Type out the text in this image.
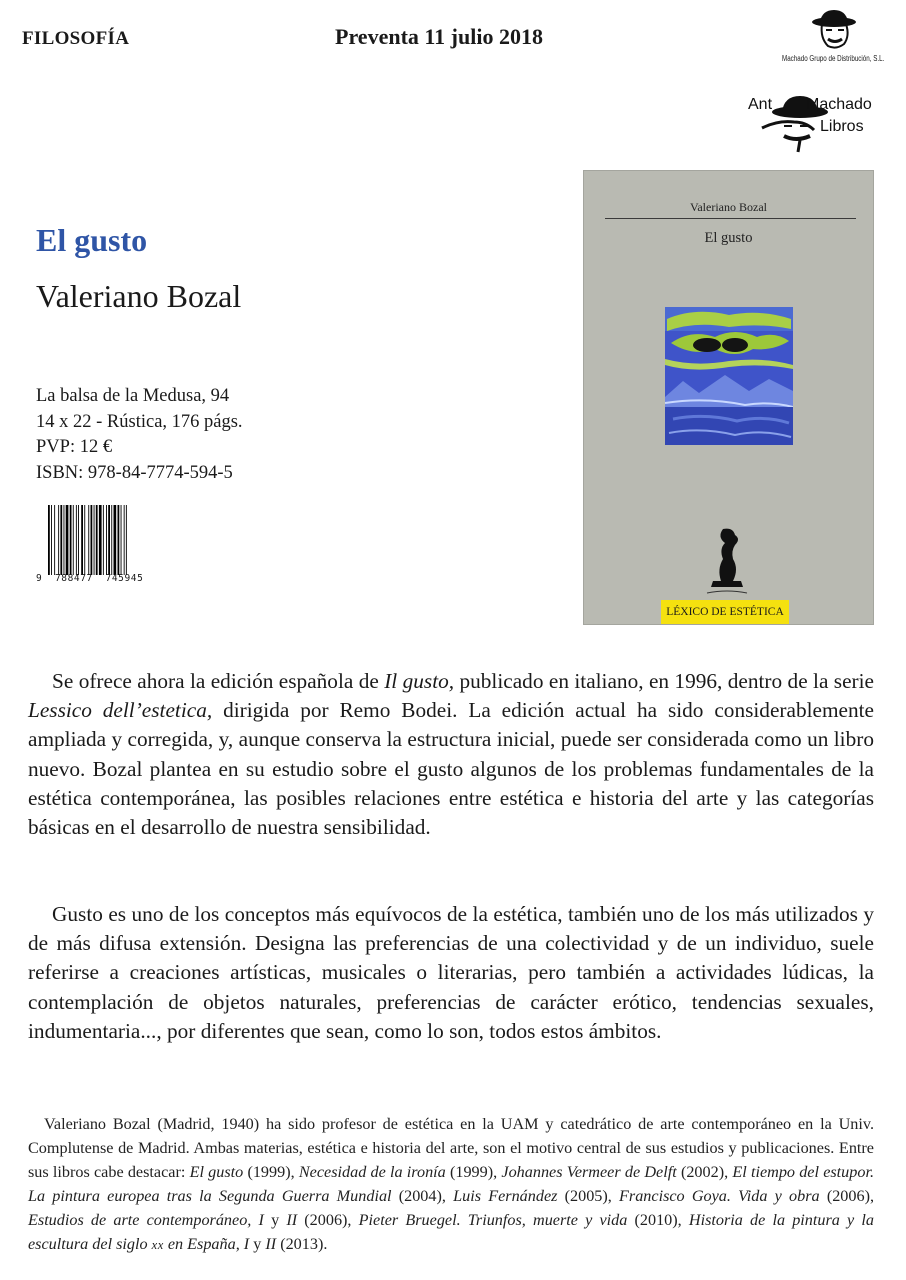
FILOSOFÍA	Preventa 11 julio 2018
Machado Grupo de Distribución, S.L.
Ant Machado
Libros
El gusto
Valeriano Bozal
La balsa de la Medusa, 94
14 x 22 - Rústica, 176 págs.
PVP: 12 €
ISBN: 978-84-7774-594-5
9  788477  745945
Valeriano Bozal
El gusto
LÉXICO DE ESTÉTICA
Se ofrece ahora la edición española de Il gusto, publicado en italiano, en 1996, dentro de la serie Lessico dell’estetica, dirigida por Remo Bodei. La edición actual ha sido considerablemente ampliada y corregida, y, aunque conserva la estructura inicial, puede ser considerada como un libro nuevo. Bozal plantea en su estudio sobre el gusto algunos de los problemas fundamentales de la estética contemporánea, las posibles relaciones entre estética e historia del arte y las categorías básicas en el desarrollo de nuestra sensibilidad.
Gusto es uno de los conceptos más equívocos de la estética, también uno de los más utilizados y de más difusa extensión. Designa las preferencias de una colectividad y de un individuo, suele referirse a creaciones artísticas, musicales o literarias, pero también a actividades lúdicas, la contemplación de objetos naturales, preferencias de carácter erótico, tendencias sexuales, indumentaria..., por diferentes que sean, como lo son, todos estos ámbitos.
Valeriano Bozal (Madrid, 1940) ha sido profesor de estética en la UAM y catedrático de arte contemporáneo en la Univ. Complutense de Madrid. Ambas materias, estética e historia del arte, son el motivo central de sus estudios y publicaciones. Entre sus libros cabe destacar: El gusto (1999), Necesidad de la ironía (1999), Johannes Vermeer de Delft (2002), El tiempo del estupor. La pintura europea tras la Segunda Guerra Mundial (2004), Luis Fernández (2005), Francisco Goya. Vida y obra (2006), Estudios de arte contemporáneo, I y II (2006), Pieter Bruegel. Triunfos, muerte y vida (2010), Historia de la pintura y la escultura del siglo xx en España, I y II (2013).
